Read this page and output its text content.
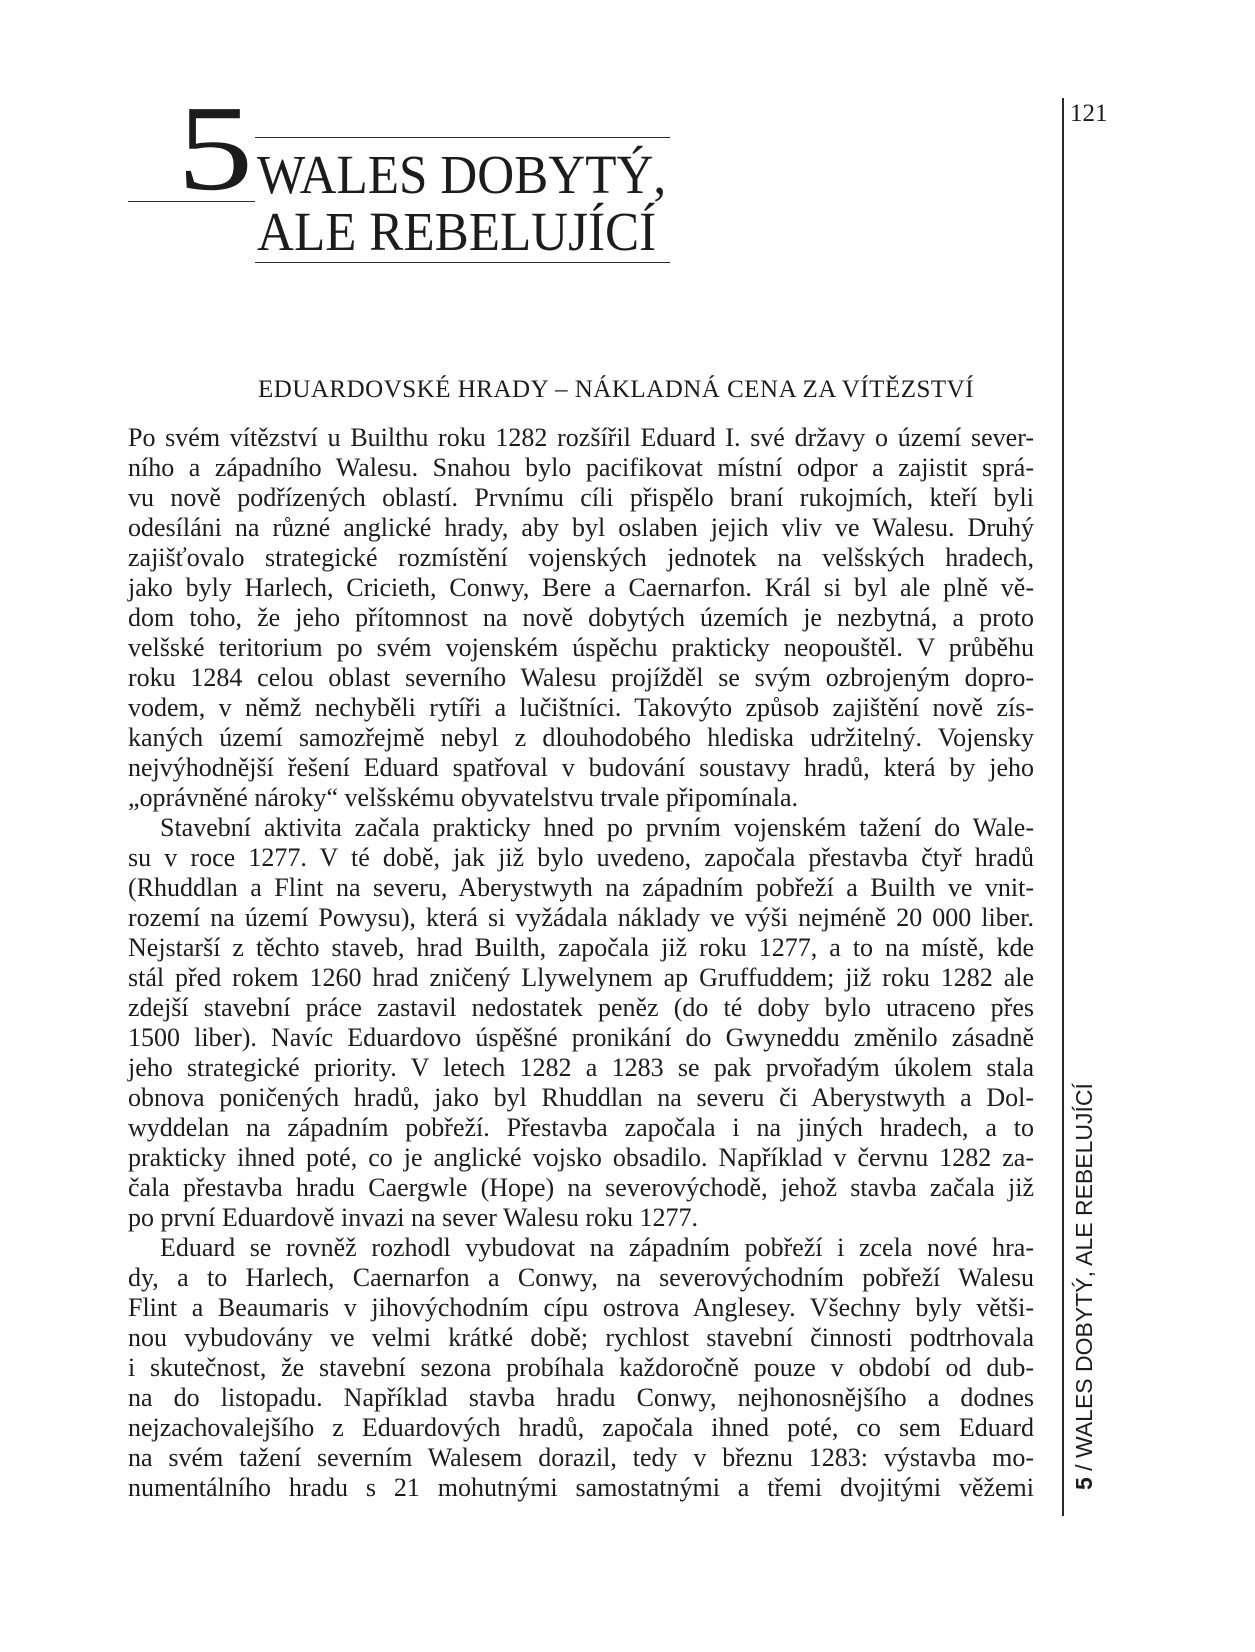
121
5 WALES DOBYTÝ,
ALE REBELUJÍCÍ
EDUARDOVSKÉ HRADY – NÁKLADNÁ CENA ZA VÍTĚZSTVÍ
Po svém vítězství u Builthu roku 1282 rozšířil Eduard I. své državy o území sever-
ního a západního Walesu. Snahou bylo pacifikovat místní odpor a zajistit sprá-
vu nově podřízených oblastí. Prvnímu cíli přispělo braní rukojmích, kteří byli
odesíláni na různé anglické hrady, aby byl oslaben jejich vliv ve Walesu. Druhý
zajišťovalo strategické rozmístění vojenských jednotek na velšských hradech,
jako byly Harlech, Cricieth, Conwy, Bere a Caernarfon. Král si byl ale plně vě-
dom toho, že jeho přítomnost na nově dobytých územích je nezbytná, a proto
velšské teritorium po svém vojenském úspěchu prakticky neopouštěl. V průběhu
roku 1284 celou oblast severního Walesu projížděl se svým ozbrojeným dopro-
vodem, v němž nechyběli rytíři a lučištníci. Takovýto způsob zajištění nově zís-
kaných území samozřejmě nebyl z dlouhodobého hlediska udržitelný. Vojensky
nejvýhodnější řešení Eduard spatřoval v budování soustavy hradů, která by jeho
„oprávněné nároky“ velšskému obyvatelstvu trvale připomínala.
Stavební aktivita začala prakticky hned po prvním vojenském tažení do Wale-
su v roce 1277. V té době, jak již bylo uvedeno, započala přestavba čtyř hradů
(Rhuddlan a Flint na severu, Aberystwyth na západním pobřeží a Builth ve vnit-
rozemí na území Powysu), která si vyžádala náklady ve výši nejméně 20 000 liber.
Nejstarší z těchto staveb, hrad Builth, započala již roku 1277, a to na místě, kde
stál před rokem 1260 hrad zničený Llywelynem ap Gruffuddem; již roku 1282 ale
zdejší stavební práce zastavil nedostatek peněz (do té doby bylo utraceno přes
1500 liber). Navíc Eduardovo úspěšné pronikání do Gwyneddu změnilo zásadně
jeho strategické priority. V letech 1282 a 1283 se pak prvořadým úkolem stala
obnova poničených hradů, jako byl Rhuddlan na severu či Aberystwyth a Dol-
wyddelan na západním pobřeží. Přestavba započala i na jiných hradech, a to
prakticky ihned poté, co je anglické vojsko obsadilo. Například v červnu 1282 za-
čala přestavba hradu Caergwle (Hope) na severovýchodě, jehož stavba začala již
po první Eduardově invazi na sever Walesu roku 1277.
Eduard se rovněž rozhodl vybudovat na západním pobřeží i zcela nové hra-
dy, a to Harlech, Caernarfon a Conwy, na severovýchodním pobřeží Walesu
Flint a Beaumaris v jihovýchodním cípu ostrova Anglesey. Všechny byly větši-
nou vybudovány ve velmi krátké době; rychlost stavební činnosti podtrhovala
i skutečnost, že stavební sezona probíhala každoročně pouze v období od dub-
na do listopadu. Například stavba hradu Conwy, nejhonosnějšího a dodnes
nejzachovalejšího z Eduardových hradů, započala ihned poté, co sem Eduard
na svém tažení severním Walesem dorazil, tedy v březnu 1283: výstavba mo-
numentálního hradu s 21 mohutnými samostatnými a třemi dvojitými věžemi 5 / WALES DOBYTÝ, ALE REBELUJÍCÍ
